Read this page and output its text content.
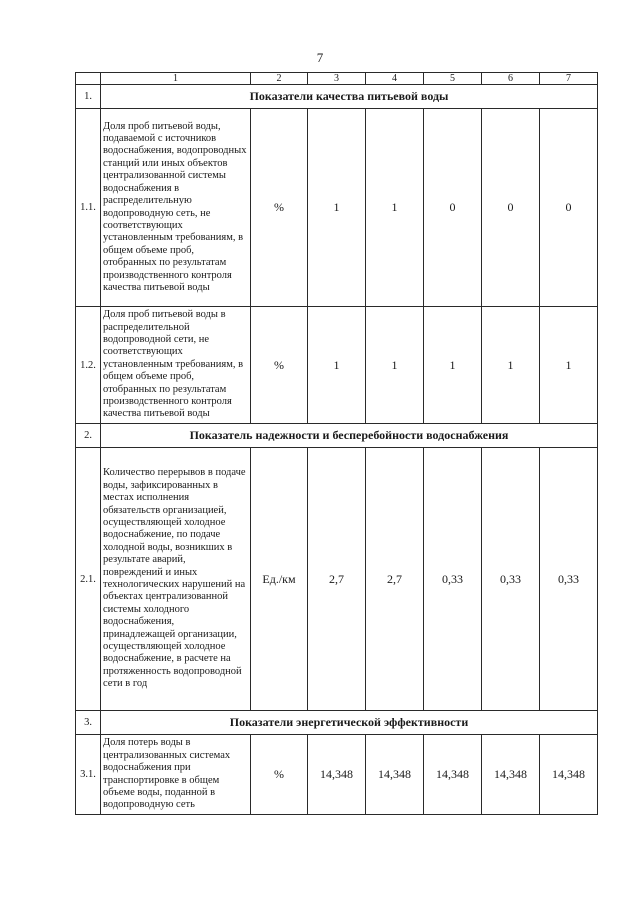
7
	1	2	3	4	5	6	7
1.	Показатели качества питьевой воды						
1.1.	Доля проб питьевой воды, подаваемой с источников водоснабжения, водопроводных станций или иных объектов централизованной системы водоснабжения в распределительную водопроводную сеть, не соответствующих установленным требованиям, в общем объеме проб, отобранных по результатам производственного контроля качества питьевой воды	%	1	1	0	0	0
1.2.	Доля проб питьевой воды в распределительной водопроводной сети, не соответствующих установленным требованиям, в общем объеме проб, отобранных по результатам производственного контроля качества питьевой воды	%	1	1	1	1	1
2.	Показатель надежности и бесперебойности водоснабжения						
2.1.	Количество перерывов в подаче воды, зафиксированных в местах исполнения обязательств организацией, осуществляющей холодное водоснабжение, по подаче холодной воды, возникших в результате аварий, повреждений и иных технологических нарушений на объектах централизованной системы холодного водоснабжения, принадлежащей организации, осуществляющей холодное водоснабжение, в расчете на протяженность водопроводной сети в год	Ед./км	2,7	2,7	0,33	0,33	0,33
3.	Показатели энергетической эффективности						
3.1.	Доля потерь воды в централизованных системах водоснабжения при транспортировке в общем объеме воды, поданной в водопроводную сеть	%	14,348	14,348	14,348	14,348	14,348
